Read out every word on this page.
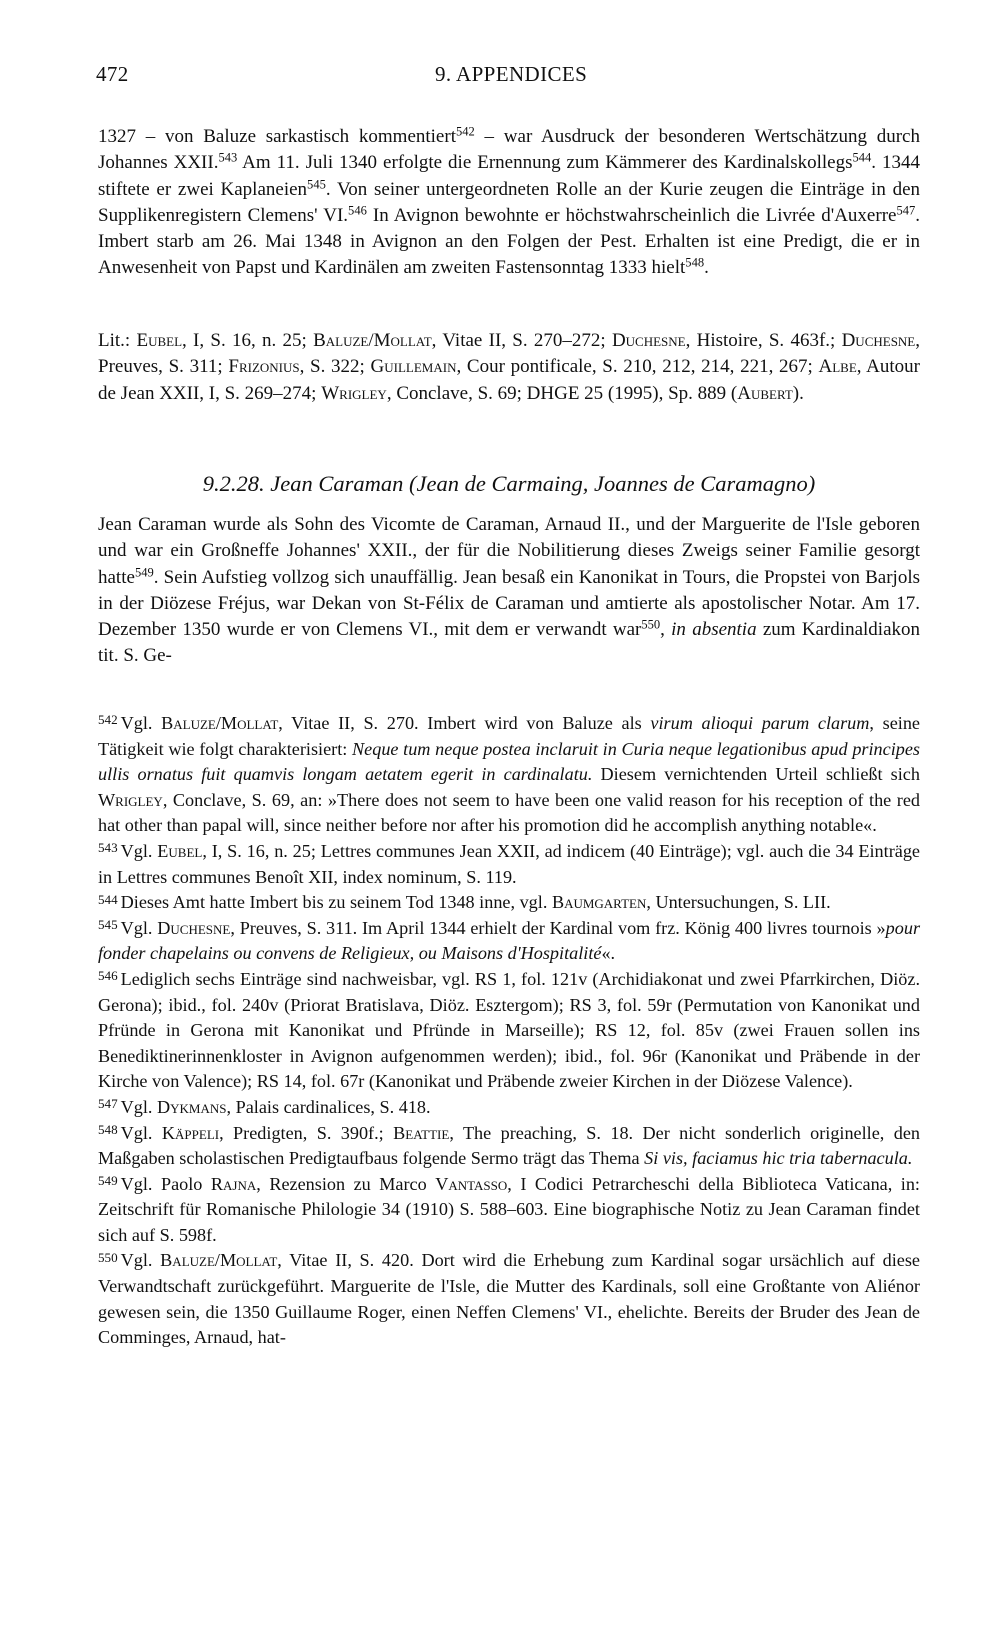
472	9. APPENDICES

1327 – von Baluze sarkastisch kommentiert$^{542}$ – war Ausdruck der besonderen Wertschätzung durch Johannes XXII.$^{543}$ Am 11. Juli 1340 erfolgte die Ernennung zum Kämmerer des Kardinalskollegs$^{544}$. 1344 stiftete er zwei Kaplaneien$^{545}$. Von seiner untergeordneten Rolle an der Kurie zeugen die Einträge in den Supplikenregistern Clemens' VI.$^{546}$ In Avignon bewohnte er höchstwahrscheinlich die Livrée d'Auxerre$^{547}$. Imbert starb am 26. Mai 1348 in Avignon an den Folgen der Pest. Erhalten ist eine Predigt, die er in Anwesenheit von Papst und Kardinälen am zweiten Fastensonntag 1333 hielt$^{548}$.

Lit.: Eubel, I, S. 16, n. 25; Baluze/Mollat, Vitae II, S. 270–272; Duchesne, Histoire, S. 463f.; Duchesne, Preuves, S. 311; Frizonius, S. 322; Guillemain, Cour pontificale, S. 210, 212, 214, 221, 267; Albe, Autour de Jean XXII, I, S. 269–274; Wrigley, Conclave, S. 69; DHGE 25 (1995), Sp. 889 (Aubert).

9.2.28. Jean Caraman (Jean de Carmaing, Joannes de Caramagno)

Jean Caraman wurde als Sohn des Vicomte de Caraman, Arnaud II., und der Marguerite de l'Isle geboren und war ein Großneffe Johannes' XXII., der für die Nobilitierung dieses Zweigs seiner Familie gesorgt hatte$^{549}$. Sein Aufstieg vollzog sich unauffällig. Jean besaß ein Kanonikat in Tours, die Propstei von Barjols in der Diözese Fréjus, war Dekan von St-Félix de Caraman und amtierte als apostolischer Notar. Am 17. Dezember 1350 wurde er von Clemens VI., mit dem er verwandt war$^{550}$, in absentia zum Kardinaldiakon tit. S. Ge-

$^{542}$ Vgl. Baluze/Mollat, Vitae II, S. 270. Imbert wird von Baluze als virum alioqui parum clarum, seine Tätigkeit wie folgt charakterisiert: Neque tum neque postea inclaruit in Curia neque legationibus apud principes ullis ornatus fuit quamvis longam aetatem egerit in cardinalatu. Diesem vernichtenden Urteil schließt sich Wrigley, Conclave, S. 69, an: »There does not seem to have been one valid reason for his reception of the red hat other than papal will, since neither before nor after his promotion did he accomplish anything notable«.

$^{543}$ Vgl. Eubel, I, S. 16, n. 25; Lettres communes Jean XXII, ad indicem (40 Einträge); vgl. auch die 34 Einträge in Lettres communes Benoît XII, index nominum, S. 119.

$^{544}$ Dieses Amt hatte Imbert bis zu seinem Tod 1348 inne, vgl. Baumgarten, Untersuchungen, S. LII.

$^{545}$ Vgl. Duchesne, Preuves, S. 311. Im April 1344 erhielt der Kardinal vom frz. König 400 livres tournois »pour fonder chapelains ou convens de Religieux, ou Maisons d'Hospitalité«.

$^{546}$ Lediglich sechs Einträge sind nachweisbar, vgl. RS 1, fol. 121v (Archidiakonat und zwei Pfarrkirchen, Diöz. Gerona); ibid., fol. 240v (Priorat Bratislava, Diöz. Esztergom); RS 3, fol. 59r (Permutation von Kanonikat und Pfründe in Gerona mit Kanonikat und Pfründe in Marseille); RS 12, fol. 85v (zwei Frauen sollen ins Benediktinerinnenkloster in Avignon aufgenommen werden); ibid., fol. 96r (Kanonikat und Präbende in der Kirche von Valence); RS 14, fol. 67r (Kanonikat und Präbende zweier Kirchen in der Diözese Valence).

$^{547}$ Vgl. Dykmans, Palais cardinalices, S. 418.

$^{548}$ Vgl. Käppeli, Predigten, S. 390f.; Beattie, The preaching, S. 18. Der nicht sonderlich originelle, den Maßgaben scholastischen Predigtaufbaus folgende Sermo trägt das Thema Si vis, faciamus hic tria tabernacula.

$^{549}$ Vgl. Paolo Rajna, Rezension zu Marco Vantasso, I Codici Petrarcheschi della Biblioteca Vaticana, in: Zeitschrift für Romanische Philologie 34 (1910) S. 588–603. Eine biographische Notiz zu Jean Caraman findet sich auf S. 598f.

$^{550}$ Vgl. Baluze/Mollat, Vitae II, S. 420. Dort wird die Erhebung zum Kardinal sogar ursächlich auf diese Verwandtschaft zurückgeführt. Marguerite de l'Isle, die Mutter des Kardinals, soll eine Großtante von Aliénor gewesen sein, die 1350 Guillaume Roger, einen Neffen Clemens' VI., ehelichte. Bereits der Bruder des Jean de Comminges, Arnaud, hat-
